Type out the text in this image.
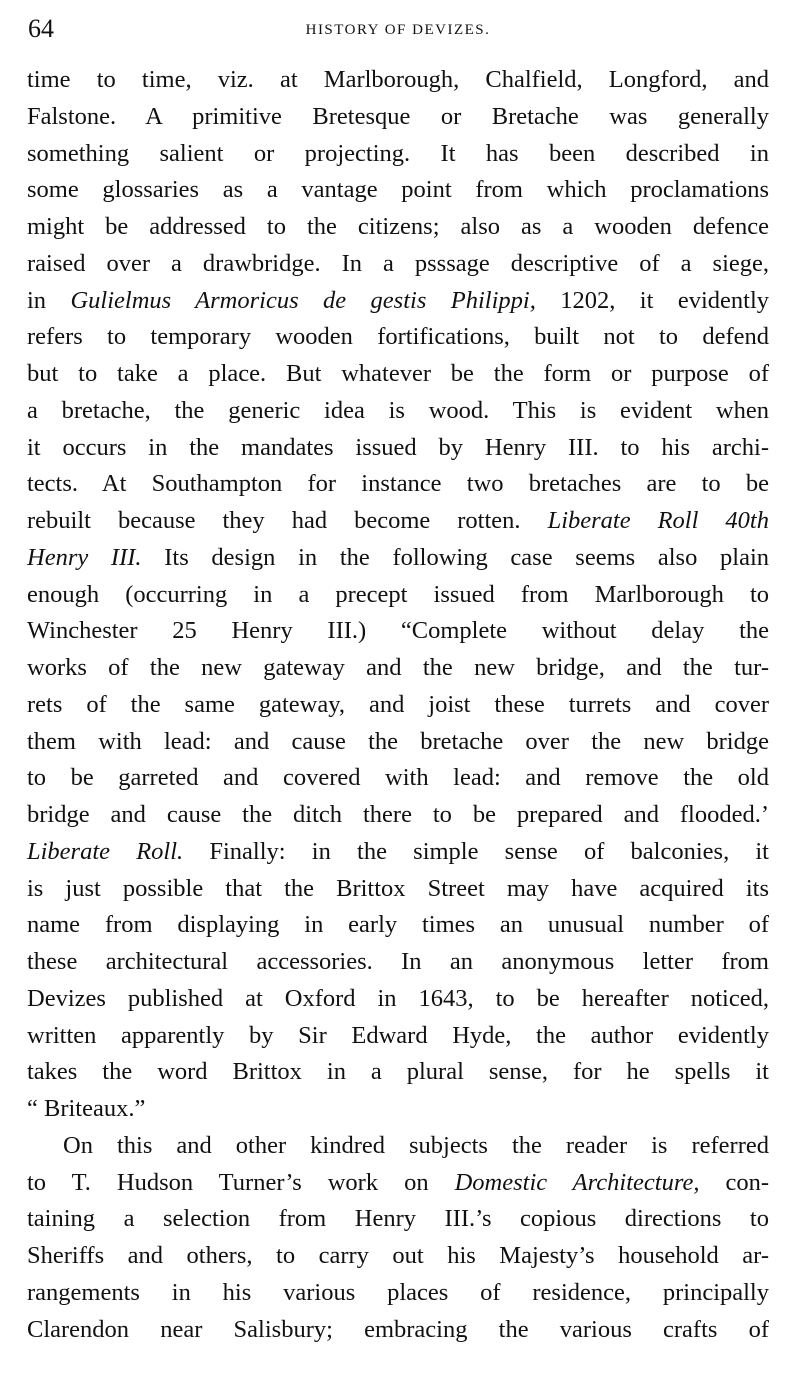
64	HISTORY OF DEVIZES.
time to time, viz. at Marlborough, Chalfield, Longford, and
Falstone. A primitive Bretesque or Bretache was generally
something salient or projecting. It has been described in
some glossaries as a vantage point from which proclamations
might be addressed to the citizens; also as a wooden defence
raised over a drawbridge. In a psssage descriptive of a siege,
in Gulielmus Armoricus de gestis Philippi, 1202, it evidently
refers to temporary wooden fortifications, built not to defend
but to take a place. But whatever be the form or purpose of
a bretache, the generic idea is wood. This is evident when
it occurs in the mandates issued by Henry III. to his archi-
tects. At Southampton for instance two bretaches are to be
rebuilt because they had become rotten. Liberate Roll 40th
Henry III. Its design in the following case seems also plain
enough (occurring in a precept issued from Marlborough to
Winchester 25 Henry III.) “Complete without delay the
works of the new gateway and the new bridge, and the tur-
rets of the same gateway, and joist these turrets and cover
them with lead: and cause the bretache over the new bridge
to be garreted and covered with lead: and remove the old
bridge and cause the ditch there to be prepared and flooded.’
Liberate Roll. Finally: in the simple sense of balconies, it
is just possible that the Brittox Street may have acquired its
name from displaying in early times an unusual number of
these architectural accessories. In an anonymous letter from
Devizes published at Oxford in 1643, to be hereafter noticed,
written apparently by Sir Edward Hyde, the author evidently
takes the word Brittox in a plural sense, for he spells it
“ Briteaux.”
On this and other kindred subjects the reader is referred
to T. Hudson Turner’s work on Domestic Architecture, con-
taining a selection from Henry III.’s copious directions to
Sheriffs and others, to carry out his Majesty’s household ar-
rangements in his various places of residence, principally
Clarendon near Salisbury; embracing the various crafts of
